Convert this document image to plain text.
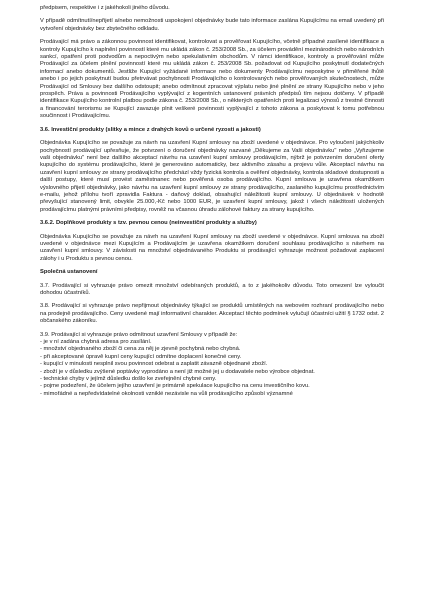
předpisem, respektive i z jakéhokoli jiného důvodu.

V případě odmítnutí/nepřijetí a/nebo nemožnosti uspokojení objednávky bude tato informace zaslána Kupujícímu na email uvedený při vytvoření objednávky bez zbytečného odkladu.

Prodávající má právo a zákonnou povinnost identifikovat, kontrolovat a prověřovat Kupujícího, včetně případné zasílené identifikace a kontroly Kupujícího k naplnění povinností které mu ukládá zákon č. 253/2008 Sb., za účelem provádění mezinárodních nebo národních sankcí, opatření proti podvodům a nepoctivým nebo spekulativním obchodům. V rámci identifikace, kontroly a prověřování může Prodávající za účelem plnění povinností které mu ukládá zákon č. 253/2008 Sb. požadovat od Kupujícího poskytnutí dodatečných informací anebo dokumentů. Jestliže Kupující vyžádané informace nebo dokumenty Prodávajícímu neposkytne v přiměřené lhůtě anebo i po jejich poskytnutí budou přetrvávat pochybnosti Prodávajícího o kontrolovaných nebo prověřovaných skutečnostech, může Prodávající od Smlouvy bez dalšího odstoupit; anebo odmítnout zpracovat výplatu nebo jiné plnění ze strany Kupujícího nebo v jeho prospěch. Práva a povinnosti Prodávajícího vyplývající z kogentních ustanovení právních předpisů tím nejsou dotčeny. V případě identifikace Kupujícího kontrolní platbou podle zákona č. 253/2008 Sb., o některých opatřeních proti legalizaci výnosů z trestné činnosti a financování terorismu se Kupující zavazuje plnit veškeré povinnosti vyplývající z tohoto zákona a poskytovat k tomu potřebnou součinnost i Prodávajícímu.

3.6. Investiční produkty (slitky a mince z drahých kovů o určené ryzosti a jakosti)

Objednávka Kupujícího se považuje za návrh na uzavření Kupní smlouvy na zboží uvedené v objednávce. Pro vyloučení jakýchkoliv pochybností prodávající upřesňuje, že potvrzení o doručení objednávky nazvané „Děkujeme za Vaši objednávku" nebo „Vyřizujeme vaši objednávku" není bez dalšího akceptací návrhu na uzavření kupní smlouvy prodávajícím, nýbrž je potvrzením doručení oferty kupujícího do systému prodávajícího, které je generováno automaticky, bez aktivního zásahu a projevu vůle. Akceptací návrhu na uzavření kupní smlouvy ze strany prodávajícího předchází vždy fyzická kontrola a ověření objednávky, kontrola skladové dostupnosti a další postupy, které musí provést zaměstnanec nebo pověřená osoba prodávajícího. Kupní smlouva je uzavřena okamžikem výslovného přijetí objednávky, jako návrhu na uzavření kupní smlouvy ze strany prodávajícího, zaslaného kupujícímu prostřednictvím e-mailu, jehož přílohu tvoří zpravidla Faktura - daňový doklad, obsahující náležitosti kupní smlouvy. U objednávek v hodnotě převyšující stanovený limit, obvykle 25.000,-Kč nebo 1000 EUR, je uzavření kupní smlouvy, jakož i všech náležitostí uložených prodávajícímu platnými právními předpisy, rovněž na včasnou úhradu zálohové faktury za strany kupujícího.

3.6.2. Doplňkové produkty s tzv. pevnou cenou (neinvestiční produkty a služby)

Objednávka Kupujícího se považuje za návrh na uzavření Kupní smlouvy na zboží uvedené v objednávce. Kupní smlouva na zboží uvedené v objednávce mezi Kupujícím a Prodávajícím je uzavřena okamžikem doručení souhlasu prodávajícího s návrhem na uzavření kupní smlouvy. V závislosti na množství objednávaného Produktu si prodávající vyhrazuje možnost požadovat zaplacení zálohy i u Produktu s pevnou cenou.

Společná ustanovení

3.7. Prodávající si vyhrazuje právo omezit množství odebíraných produktů, a to z jakéhokoliv důvodu. Toto omezení lze vyloučit dohodou účastníků.

3.8. Prodávající si vyhrazuje právo nepřijmout objednávky týkající se produktů umístěných na webovém rozhraní prodávajícího nebo na prodejně prodávajícího. Ceny uvedené mají informativní charakter. Akceptací těchto podmínek vylučují účastníci užití § 1732 odst. 2 občanského zákoníku.

3.9. Prodávající si vyhrazuje právo odmítnout uzavření Smlouvy v případě že:

- je v ní zadána chybná adresa pro zasílání.

- množství objednaného zboží či cena za něj je zjevně pochybná nebo chybná.

- při akceptované úpravě kupní ceny kupující odmítne doplacení konečné ceny.

- kupující v minulosti nesplnil svou povinnost odebrat a zaplatit závazně objednané zboží.

- zboží je v důsledku zvýšené poptávky vyprodáno a není již možné jej u dodavatele nebo výrobce objednat.

- technické chyby v jejímž důsledku došlo ke zveřejnění chybné ceny.

- pojme podezření, že účelem jejího uzavření je primárně spekulace kupujícího na cenu investičního kovu.

- mimořádné a nepředvídatelné okolnosti vzniklé nezávisle na vůli prodávajícího způsobí významné
